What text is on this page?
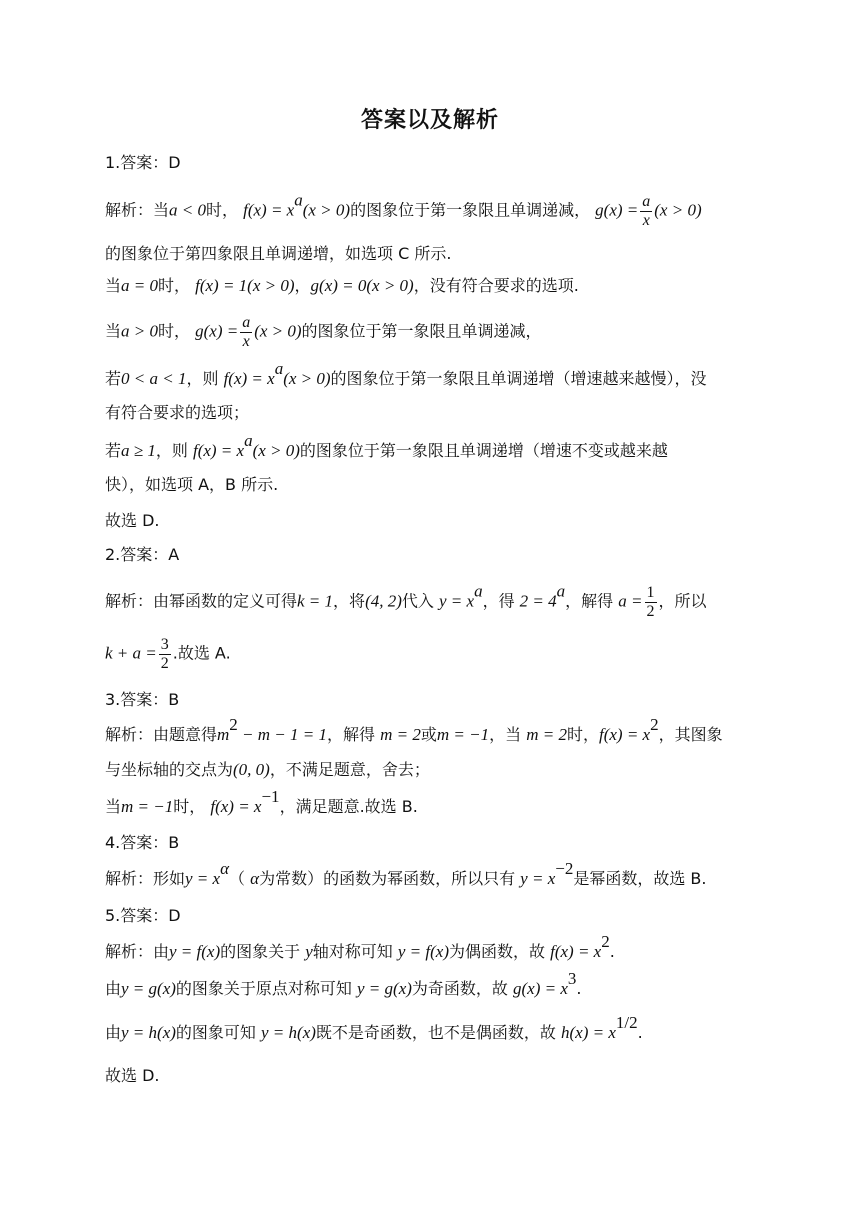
答案以及解析
1.答案：D
解析：当a < 0时， $f(x) = x^a(x > 0)$的图象位于第一象限且单调递减， $g(x) = \frac{a}{x} (x > 0)$
的图象位于第四象限且单调递增，如选项 C 所示.
当a = 0时， f(x) = 1(x > 0)，g(x) = 0(x > 0)，没有符合要求的选项.
当a > 0时， $g(x) = \frac{a}{x} (x > 0)$的图象位于第一象限且单调递减，
若0 < a < 1，则 $f(x) = x^a(x > 0)$的图象位于第一象限且单调递增（增速越来越慢），没
有符合要求的选项；
若a ≥ 1，则 $f(x) = x^a(x > 0)$的图象位于第一象限且单调递增（增速不变或越来越
快），如选项 A，B 所示.
故选 D.
2.答案：A
解析：由幂函数的定义可得k = 1，将(4, 2)代入 $y = x^a$，得 $2 = 4^a$，解得 $a = \frac{1}{2}$ ，所以
$k + a = \frac{3}{2}$ .故选 A.
3.答案：B
解析：由题意得$m^2 - m - 1 = 1$，解得 m = 2或m = −1，当 m = 2时，$f(x) = x^2$，其图象
与坐标轴的交点为(0, 0)，不满足题意，舍去；
当m = −1时， $f(x) = x^{-1}$，满足题意.故选 B.
4.答案：B
解析：形如$y = x^\alpha$（ α为常数）的函数为幂函数，所以只有 $y = x^{-2}$是幂函数，故选 B.
5.答案：D
解析：由y = f(x)的图象关于 y轴对称可知 y = f(x)为偶函数，故 $f(x) = x^2$.
由y = g(x)的图象关于原点对称可知 y = g(x)为奇函数，故 $g(x) = x^3$.
由y = h(x)的图象可知 y = h(x)既不是奇函数，也不是偶函数，故 $h(x) = x^{1/2}$.
故选 D.
